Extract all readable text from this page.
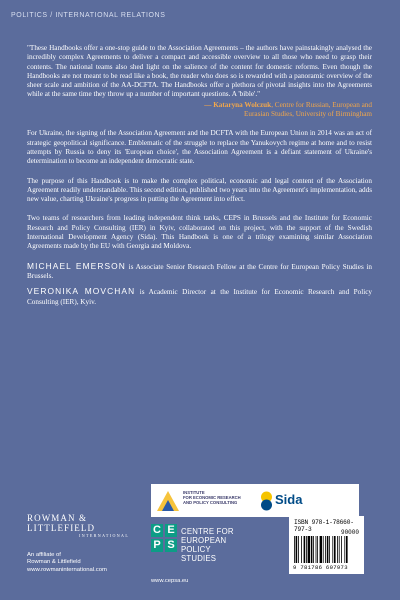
POLITICS / INTERNATIONAL RELATIONS

"These Handbooks offer a one-stop guide to the Association Agreements – the authors have painstakingly analysed the incredibly complex Agreements to deliver a compact and accessible overview to all those who need to grasp their contents. The national teams also shed light on the salience of the content for domestic reforms. Even though the Handbooks are not meant to be read like a book, the reader who does so is rewarded with a panoramic overview of the sheer scale and ambition of the AA-DCFTA. The Handbooks offer a plethora of pivotal insights into the Agreements while at the same time they throw up a number of important questions. A 'bible'."

— Kataryna Wolczuk, Centre for Russian, European and
Eurasian Studies, University of Birmingham

For Ukraine, the signing of the Association Agreement and the DCFTA with the European Union in 2014 was an act of strategic geopolitical significance. Emblematic of the struggle to replace the Yanukovych regime at home and to resist attempts by Russia to deny its 'European choice', the Association Agreement is a defiant statement of Ukraine's determination to become an independent democratic state.

The purpose of this Handbook is to make the complex political, economic and legal content of the Association Agreement readily understandable. This second edition, published two years into the Agreement's implementation, adds new value, charting Ukraine's progress in putting the Agreement into effect.

Two teams of researchers from leading independent think tanks, CEPS in Brussels and the Institute for Economic Research and Policy Consulting (IER) in Kyiv, collaborated on this project, with the support of the Swedish International Development Agency (Sida). This Handbook is one of a trilogy examining similar Association Agreements made by the EU with Georgia and Moldova.

MICHAEL EMERSON is Associate Senior Research Fellow at the Centre for European Policy Studies in Brussels.

VERONIKA MOVCHAN is Academic Director at the Institute for Economic Research and Policy Consulting (IER), Kyiv.

INSTITUTE
FOR ECONOMIC RESEARCH
AND POLICY CONSULTING	Sida
C E
P S
CENTRE FOR
EUROPEAN
POLICY
STUDIES
www.cepsa.eu
ROWMAN &
LITTLEFIELD
INTERNATIONAL
An affiliate of
Rowman & Littlefield
www.rowmaninternational.com
ISBN 978-1-78660-797-3	90000
9 781786 607973
